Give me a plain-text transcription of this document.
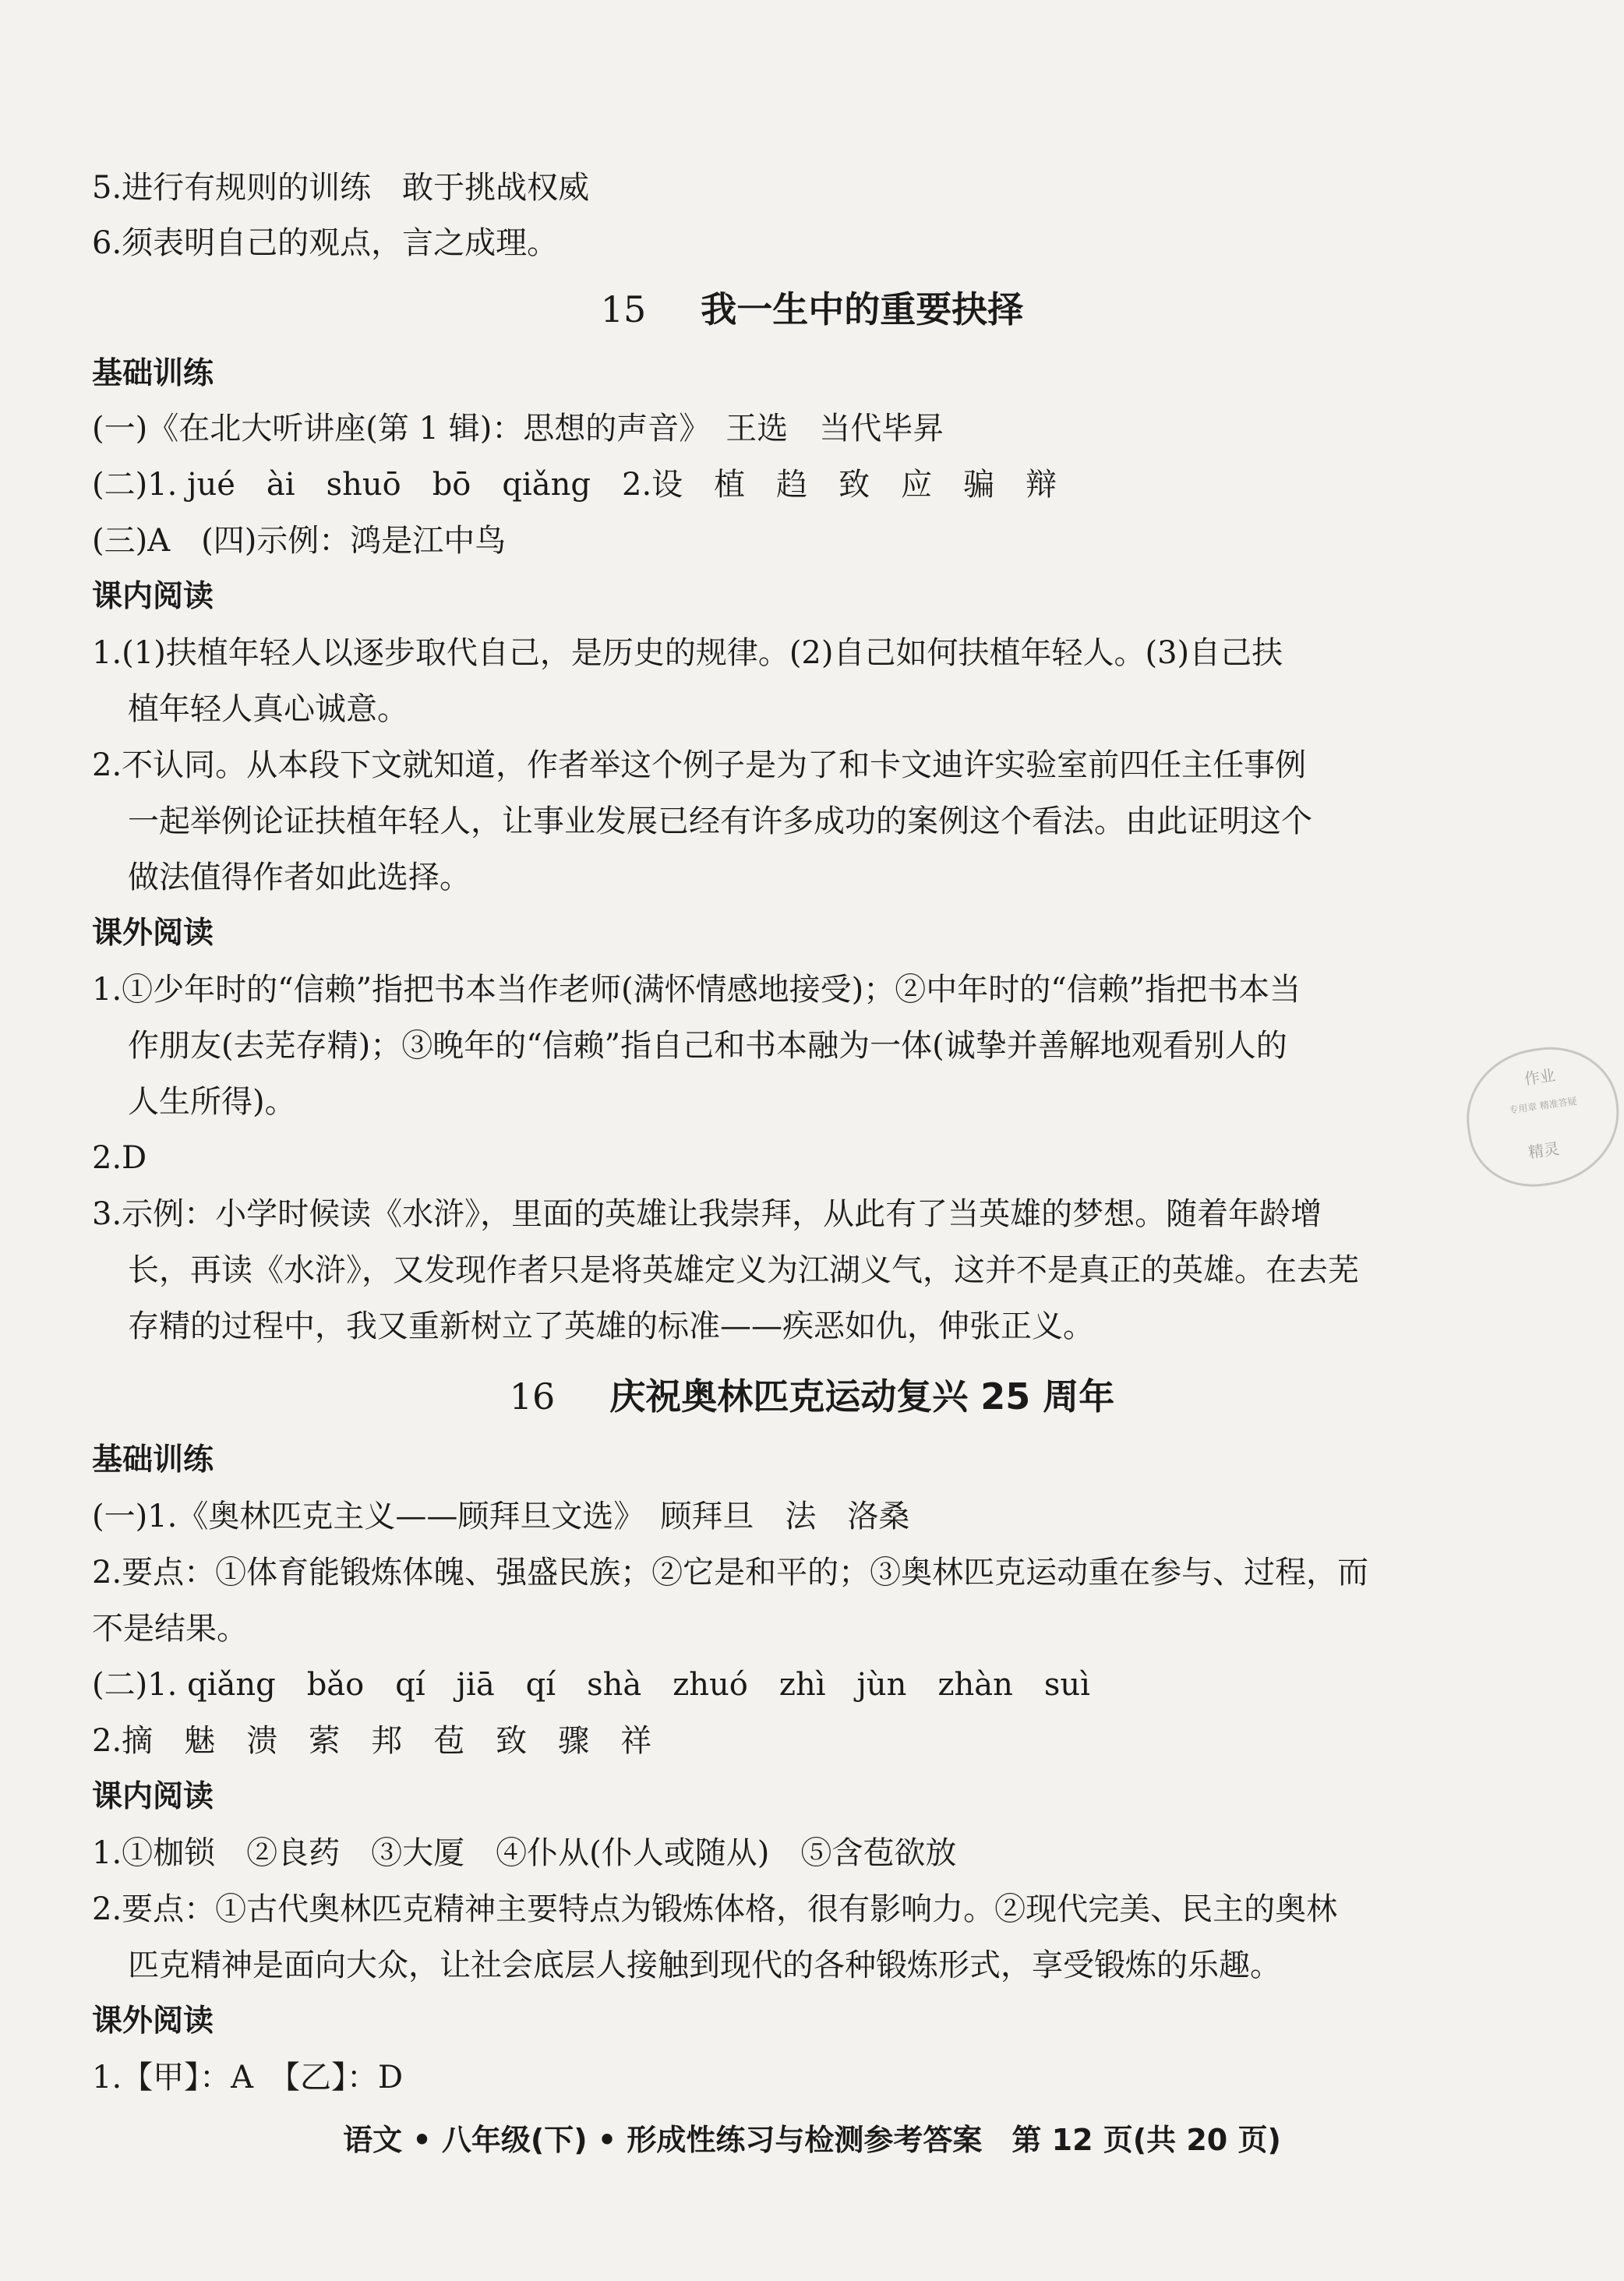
5.进行有规则的训练　敢于挑战权威
6.须表明自己的观点，言之成理。
15 我一生中的重要抉择
基础训练
(一)《在北大听讲座(第 1 辑)：思想的声音》　王选　当代毕昇
(二)1. jué　ài　shuō　bō　qiǎng　2.设　植　趋　致　应　骗　辩
(三)A　(四)示例：鸿是江中鸟
课内阅读
1.(1)扶植年轻人以逐步取代自己，是历史的规律。(2)自己如何扶植年轻人。(3)自己扶
植年轻人真心诚意。
2.不认同。从本段下文就知道，作者举这个例子是为了和卡文迪许实验室前四任主任事例
一起举例论证扶植年轻人，让事业发展已经有许多成功的案例这个看法。由此证明这个
做法值得作者如此选择。
课外阅读
1.①少年时的“信赖”指把书本当作老师(满怀情感地接受)；②中年时的“信赖”指把书本当
作朋友(去芜存精)；③晚年的“信赖”指自己和书本融为一体(诚挚并善解地观看别人的
人生所得)。
2.D
3.示例：小学时候读《水浒》，里面的英雄让我崇拜，从此有了当英雄的梦想。随着年龄增
长，再读《水浒》，又发现作者只是将英雄定义为江湖义气，这并不是真正的英雄。在去芜
存精的过程中，我又重新树立了英雄的标准——疾恶如仇，伸张正义。
16 庆祝奥林匹克运动复兴 25 周年
基础训练
(一)1.《奥林匹克主义——顾拜旦文选》　顾拜旦　法　洛桑
2.要点：①体育能锻炼体魄、强盛民族；②它是和平的；③奥林匹克运动重在参与、过程，而
不是结果。
(二)1. qiǎng　bǎo　qí　jiā　qí　shà　zhuó　zhì　jùn　zhàn　suì
2.摘　魅　溃　萦　邦　苞　致　骤　祥
课内阅读
1.①枷锁　②良药　③大厦　④仆从(仆人或随从)　⑤含苞欲放
2.要点：①古代奥林匹克精神主要特点为锻炼体格，很有影响力。②现代完美、民主的奥林
匹克精神是面向大众，让社会底层人接触到现代的各种锻炼形式，享受锻炼的乐趣。
课外阅读
1.【甲】：A　【乙】：D
作业
专用章 精准答疑
精灵
语文 • 八年级(下) • 形成性练习与检测参考答案　第 12 页(共 20 页)
